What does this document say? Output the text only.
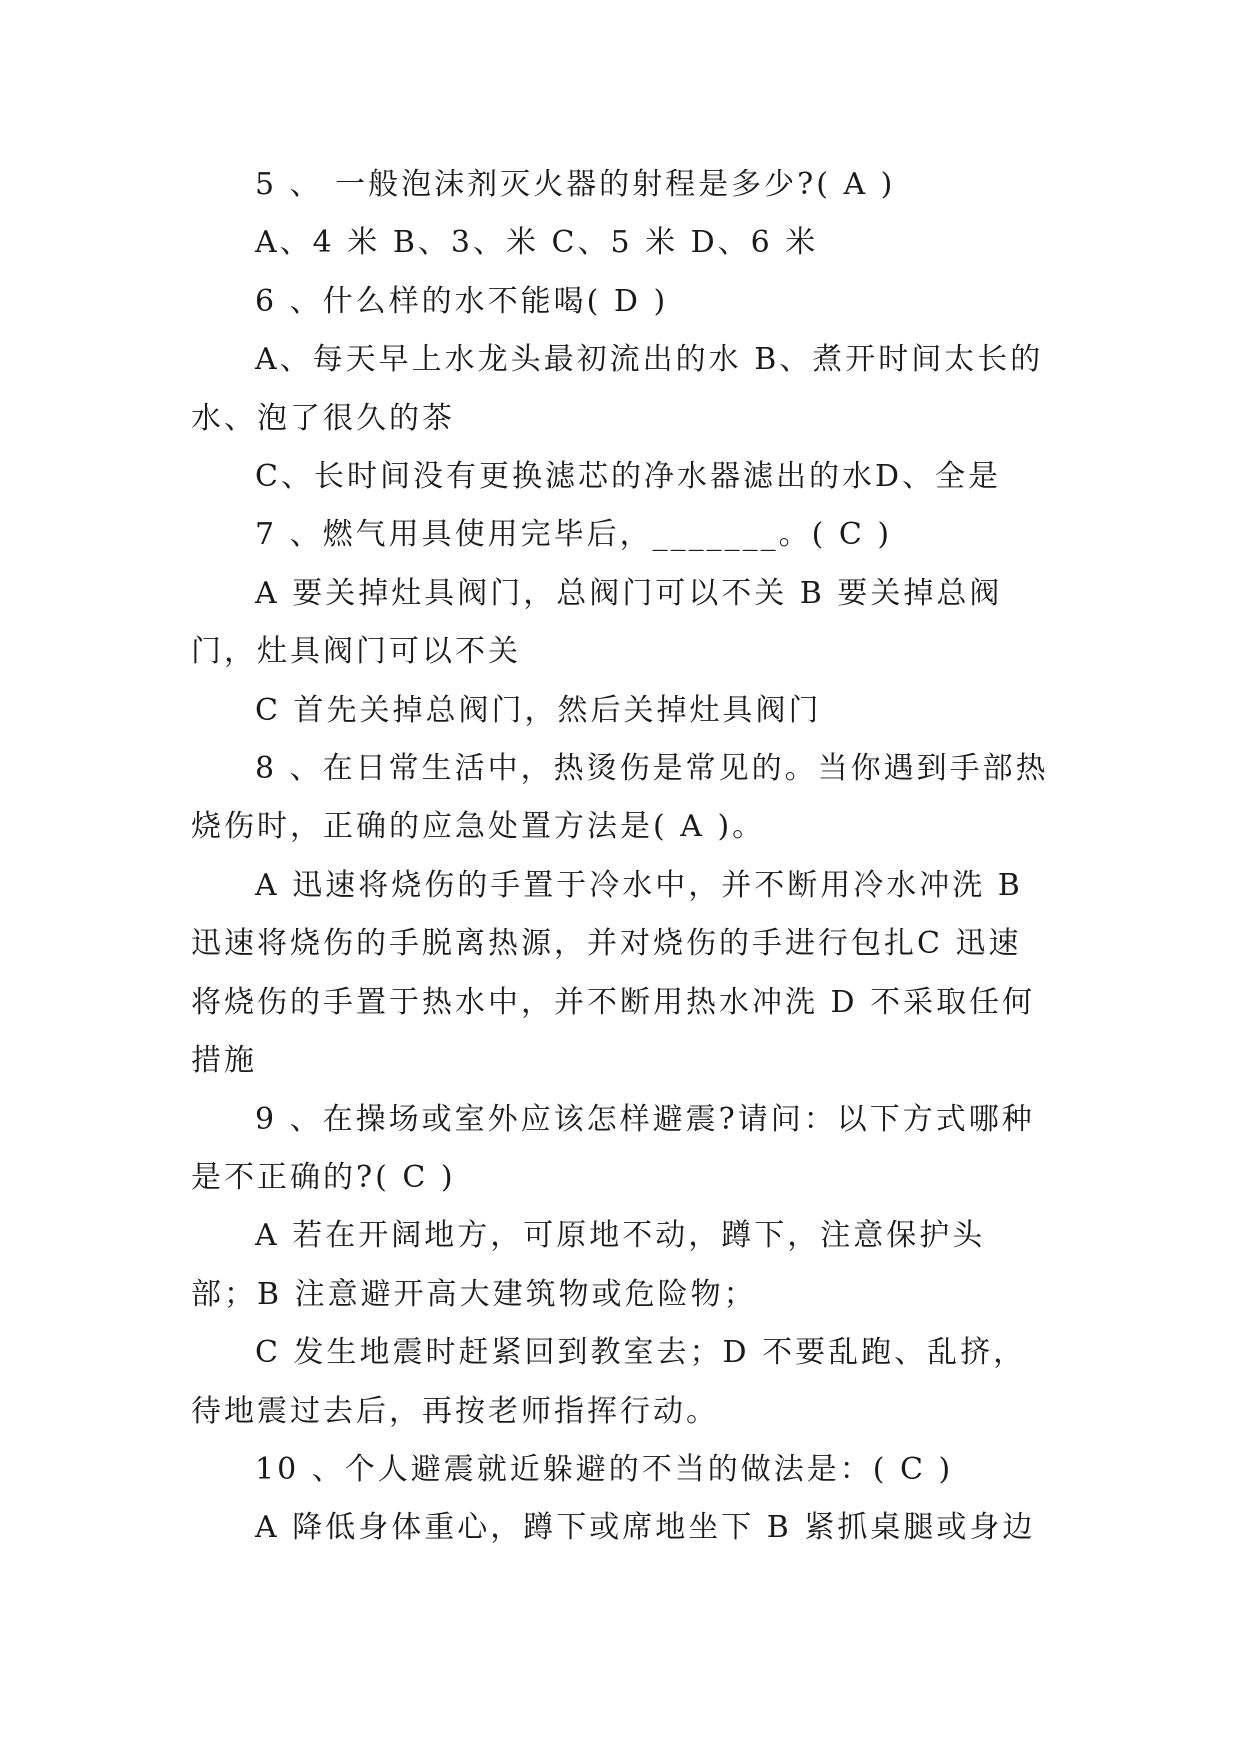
5 、 一般泡沫剂灭火器的射程是多少?( A )

A、4 米 B、3、米 C、5 米 D、6 米

6 、什么样的水不能喝( D )

A、每天早上水龙头最初流出的水 B、煮开时间太长的水、泡了很久的茶

C、长时间没有更换滤芯的净水器滤出的水D、全是

7 、燃气用具使用完毕后，_______。( C )

A 要关掉灶具阀门，总阀门可以不关 B 要关掉总阀门，灶具阀门可以不关

C 首先关掉总阀门，然后关掉灶具阀门

8 、在日常生活中，热烫伤是常见的。当你遇到手部热烧伤时，正确的应急处置方法是( A )。

A 迅速将烧伤的手置于冷水中，并不断用冷水冲洗 B 迅速将烧伤的手脱离热源，并对烧伤的手进行包扎C 迅速将烧伤的手置于热水中，并不断用热水冲洗 D 不采取任何措施

9 、在操场或室外应该怎样避震?请问：以下方式哪种是不正确的?( C )

A 若在开阔地方，可原地不动，蹲下，注意保护头部；B 注意避开高大建筑物或危险物；

C 发生地震时赶紧回到教室去；D 不要乱跑、乱挤，待地震过去后，再按老师指挥行动。

10 、个人避震就近躲避的不当的做法是：( C )

A 降低身体重心，蹲下或席地坐下 B 紧抓桌腿或身边
